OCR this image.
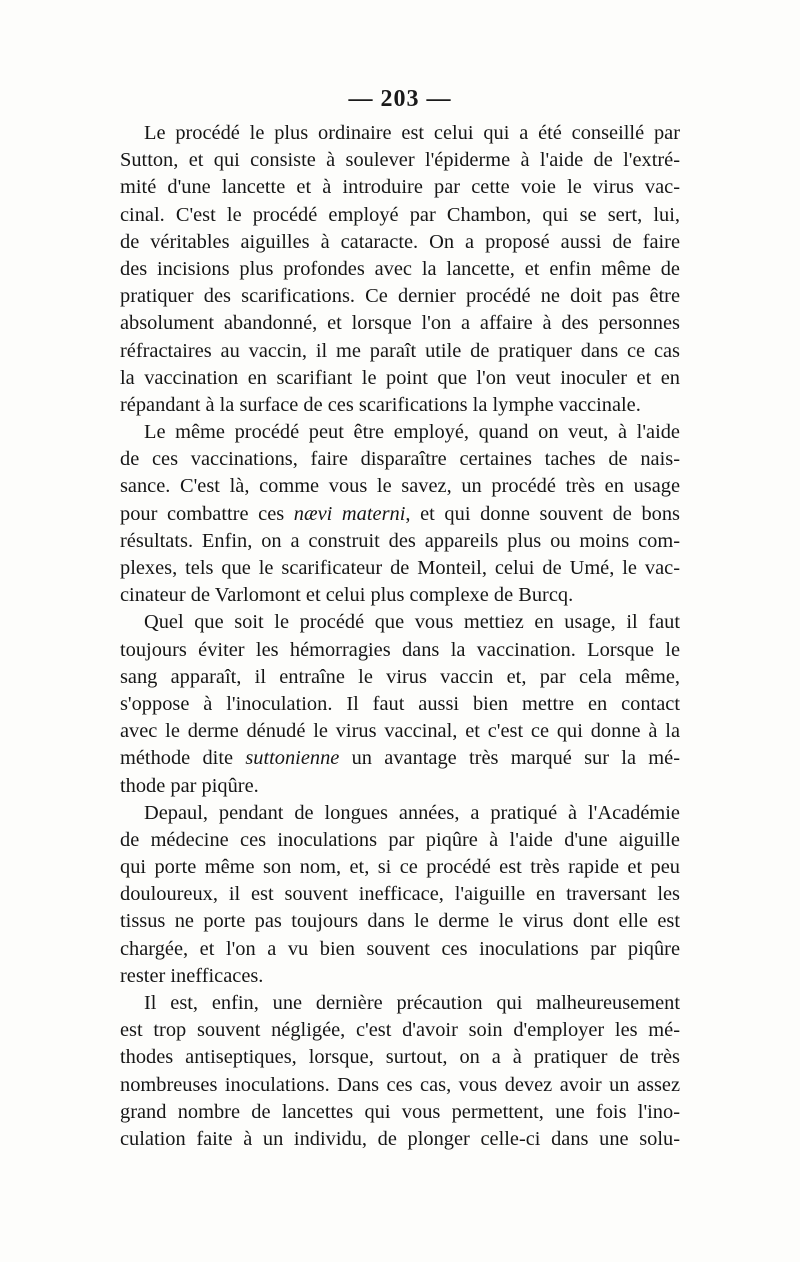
— 203 —
Le procédé le plus ordinaire est celui qui a été conseillé par
Sutton, et qui consiste à soulever l'épiderme à l'aide de l'extré-
mité d'une lancette et à introduire par cette voie le virus vac-
cinal. C'est le procédé employé par Chambon, qui se sert, lui,
de véritables aiguilles à cataracte. On a proposé aussi de faire
des incisions plus profondes avec la lancette, et enfin même de
pratiquer des scarifications. Ce dernier procédé ne doit pas être
absolument abandonné, et lorsque l'on a affaire à des personnes
réfractaires au vaccin, il me paraît utile de pratiquer dans ce cas
la vaccination en scarifiant le point que l'on veut inoculer et en
répandant à la surface de ces scarifications la lymphe vaccinale.
Le même procédé peut être employé, quand on veut, à l'aide
de ces vaccinations, faire disparaître certaines taches de nais-
sance. C'est là, comme vous le savez, un procédé très en usage
pour combattre ces nævi materni, et qui donne souvent de bons
résultats. Enfin, on a construit des appareils plus ou moins com-
plexes, tels que le scarificateur de Monteil, celui de Umé, le vac-
cinateur de Varlomont et celui plus complexe de Burcq.
Quel que soit le procédé que vous mettiez en usage, il faut
toujours éviter les hémorragies dans la vaccination. Lorsque le
sang apparaît, il entraîne le virus vaccin et, par cela même,
s'oppose à l'inoculation. Il faut aussi bien mettre en contact
avec le derme dénudé le virus vaccinal, et c'est ce qui donne à la
méthode dite suttonienne un avantage très marqué sur la mé-
thode par piqûre.
Depaul, pendant de longues années, a pratiqué à l'Académie
de médecine ces inoculations par piqûre à l'aide d'une aiguille
qui porte même son nom, et, si ce procédé est très rapide et peu
douloureux, il est souvent inefficace, l'aiguille en traversant les
tissus ne porte pas toujours dans le derme le virus dont elle est
chargée, et l'on a vu bien souvent ces inoculations par piqûre
rester inefficaces.
Il est, enfin, une dernière précaution qui malheureusement
est trop souvent négligée, c'est d'avoir soin d'employer les mé-
thodes antiseptiques, lorsque, surtout, on a à pratiquer de très
nombreuses inoculations. Dans ces cas, vous devez avoir un assez
grand nombre de lancettes qui vous permettent, une fois l'ino-
culation faite à un individu, de plonger celle-ci dans une solu-
